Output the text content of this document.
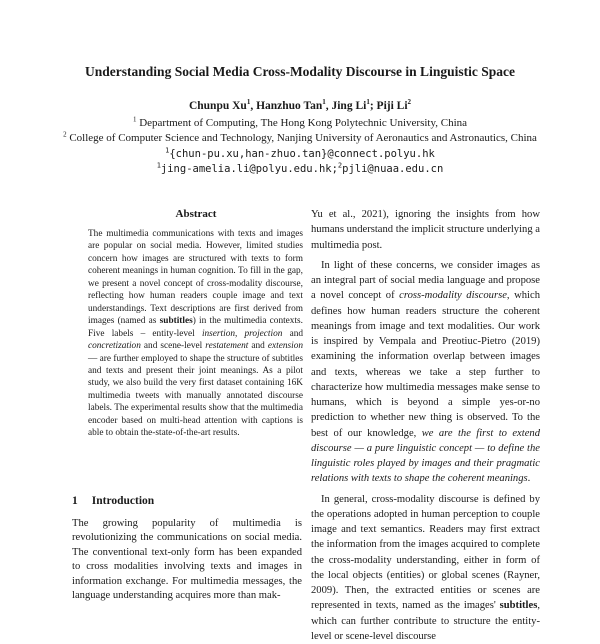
Understanding Social Media Cross-Modality Discourse in Linguistic Space
Chunpu Xu$^1$, Hanzhuo Tan$^1$, Jing Li$^1$; Piji Li$^2$
$^1$ Department of Computing, The Hong Kong Polytechnic University, China
$^2$ College of Computer Science and Technology, Nanjing University of Aeronautics and Astronautics, China
$^1${chun-pu.xu,han-zhuo.tan}@connect.polyu.hk
$^1$jing-amelia.li@polyu.edu.hk;$^2$pjli@nuaa.edu.cn
Abstract
The multimedia communications with texts and images are popular on social media. However, limited studies concern how images are structured with texts to form coherent meanings in human cognition. To fill in the gap, we present a novel concept of cross-modality discourse, reflecting how human readers couple image and text understandings. Text descriptions are first derived from images (named as subtitles) in the multimedia contexts. Five labels – entity-level insertion, projection and concretization and scene-level restatement and extension — are further employed to shape the structure of subtitles and texts and present their joint meanings. As a pilot study, we also build the very first dataset containing 16K multimedia tweets with manually annotated discourse labels. The experimental results show that the multimedia encoder based on multi-head attention with captions is able to obtain the-state-of-the-art results.
1 Introduction

The growing popularity of multimedia is revolutionizing the communications on social media. The conventional text-only form has been expanded to cross modalities involving texts and images in information exchange. For multimedia messages, the language understanding acquires more than mak-

Yu et al., 2021), ignoring the insights from how humans understand the implicit structure underlying a multimedia post.

In light of these concerns, we consider images as an integral part of social media language and propose a novel concept of cross-modality discourse, which defines how human readers structure the coherent meanings from image and text modalities. Our work is inspired by Vempala and Preotiuc-Pietro (2019) examining the information overlap between images and texts, whereas we take a step further to characterize how multimedia messages make sense to humans, which is beyond a simple yes-or-no prediction to whether new thing is observed. To the best of our knowledge, we are the first to extend discourse — a pure linguistic concept — to define the linguistic roles played by images and their pragmatic relations with texts to shape the coherent meanings.

In general, cross-modality discourse is defined by the operations adopted in human perception to couple image and text semantics. Readers may first extract the information from the images acquired to complete the cross-modality understanding, either in form of the local objects (entities) or global scenes (Rayner, 2009). Then, the extracted entities or scenes are represented in texts, named as the images' subtitles, which can further contribute to structure the entity-level or scene-level discourse
